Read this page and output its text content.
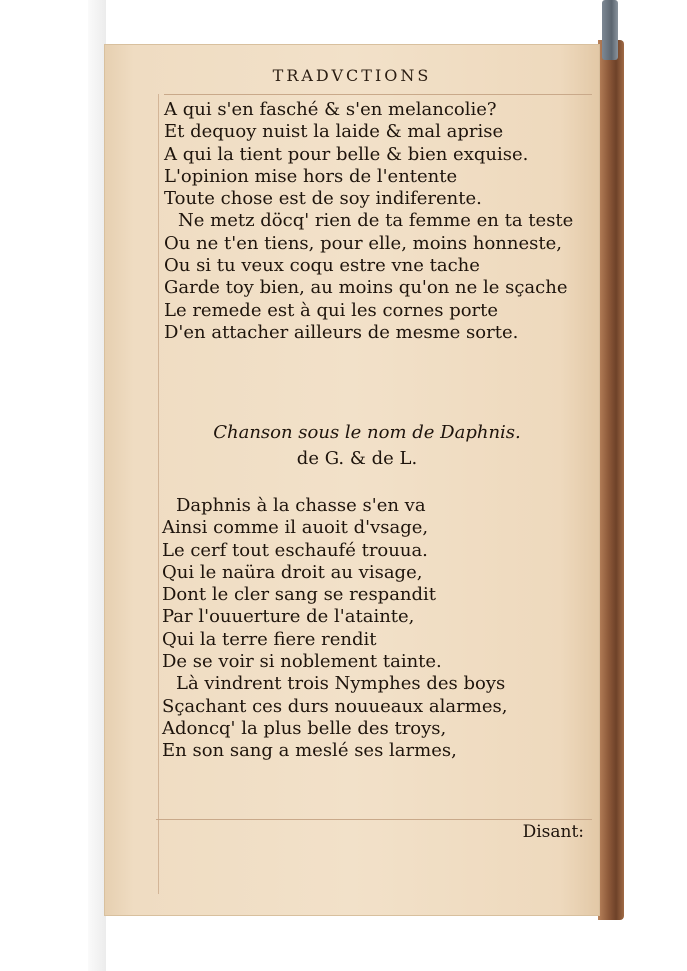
TRADVCTIONS
A qui s'en fasché & s'en melancolie?
Et dequoy nuist la laide & mal aprise
A qui la tient pour belle & bien exquise.
L'opinion mise hors de l'entente
Toute chose est de soy indiferente.
Ne metz döcq' rien de ta femme en ta teste
Ou ne t'en tiens, pour elle, moins honneste,
Ou si tu veux coqu estre vne tache
Garde toy bien, au moins qu'on ne le sçache
Le remede est à qui les cornes porte
D'en attacher ailleurs de mesme sorte.
Chanson sous le nom de Daphnis.
de G. & de L.
Daphnis à la chasse s'en va
Ainsi comme il auoit d'vsage,
Le cerf tout eschaufé trouua.
Qui le naüra droit au visage,
Dont le cler sang se respandit
Par l'ouuerture de l'atainte,
Qui la terre fiere rendit
De se voir si noblement tainte.
Là vindrent trois Nymphes des boys
Sçachant ces durs nouueaux alarmes,
Adoncq' la plus belle des troys,
En son sang a meslé ses larmes,
Disant:
